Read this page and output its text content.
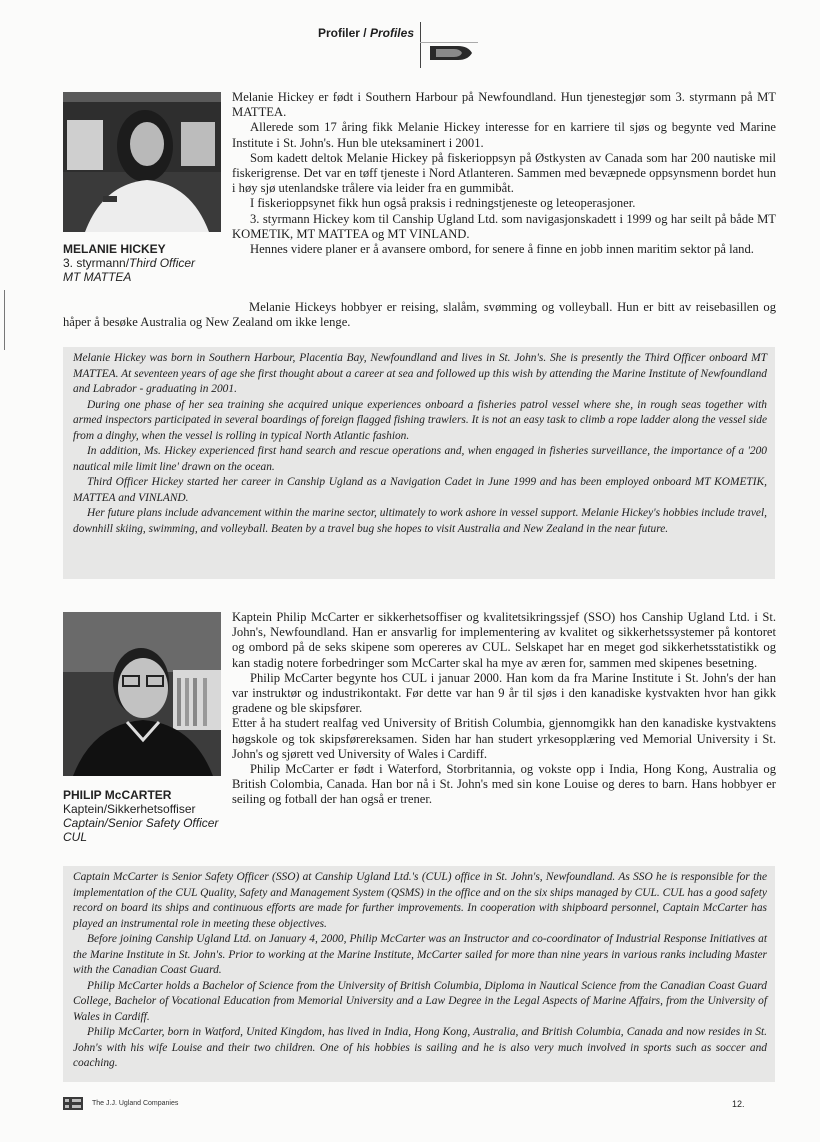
Profiler / Profiles
MELANIE HICKEY
3. styrmann/Third Officer
MT MATTEA

Melanie Hickey er født i Southern Harbour på Newfoundland. Hun tjenestegjør som 3. styrmann på MT MATTEA.

Allerede som 17 åring fikk Melanie Hickey interesse for en karriere til sjøs og begynte ved Marine Institute i St. John's. Hun ble uteksaminert i 2001.

Som kadett deltok Melanie Hickey på fiskerioppsyn på Østkysten av Canada som har 200 nautiske mil fiskerigrense. Det var en tøff tjeneste i Nord Atlanteren. Sammen med bevæpnede oppsynsmenn bordet hun i høy sjø utenlandske trålere via leider fra en gummibåt.

I fiskerioppsynet fikk hun også praksis i redningstjeneste og leteoperasjoner.

3. styrmann Hickey kom til Canship Ugland Ltd. som navigasjonskadett i 1999 og har seilt på både MT KOMETIK, MT MATTEA og MT VINLAND.

Hennes videre planer er å avansere ombord, for senere å finne en jobb innen maritim sektor på land.

Melanie Hickeys hobbyer er reising, slalåm, svømming og volleyball. Hun er bitt av reisebasillen og håper å besøke Australia og New Zealand om ikke lenge.

Melanie Hickey was born in Southern Harbour, Placentia Bay, Newfoundland and lives in St. John's. She is presently the Third Officer onboard MT MATTEA. At seventeen years of age she first thought about a career at sea and followed up this wish by attending the Marine Institute of Newfoundland and Labrador - graduating in 2001.

During one phase of her sea training she acquired unique experiences onboard a fisheries patrol vessel where she, in rough seas together with armed inspectors participated in several boardings of foreign flagged fishing trawlers. It is not an easy task to climb a rope ladder along the vessel side from a dinghy, when the vessel is rolling in typical North Atlantic fashion.

In addition, Ms. Hickey experienced first hand search and rescue operations and, when engaged in fisheries surveillance, the importance of a '200 nautical mile limit line' drawn on the ocean.

Third Officer Hickey started her career in Canship Ugland as a Navigation Cadet in June 1999 and has been employed onboard MT KOMETIK, MATTEA and VINLAND.

Her future plans include advancement within the marine sector, ultimately to work ashore in vessel support. Melanie Hickey's hobbies include travel, downhill skiing, swimming, and volleyball. Beaten by a travel bug she hopes to visit Australia and New Zealand in the near future.

PHILIP McCARTER
Kaptein/Sikkerhetsoffiser
Captain/Senior Safety Officer
CUL

Kaptein Philip McCarter er sikkerhetsoffiser og kvalitetsikringssjef (SSO) hos Canship Ugland Ltd. i St. John's, Newfoundland. Han er ansvarlig for implementering av kvalitet og sikkerhetssystemer på kontoret og ombord på de seks skipene som opereres av CUL. Selskapet har en meget god sikkerhetsstatistikk og kan stadig notere forbedringer som McCarter skal ha mye av æren for, sammen med skipenes besetning.

Philip McCarter begynte hos CUL i januar 2000. Han kom da fra Marine Institute i St. John's der han var instruktør og industrikontakt. Før dette var han 9 år til sjøs i den kanadiske kystvakten hvor han gikk gradene og ble skipsfører.

Etter å ha studert realfag ved University of British Columbia, gjennomgikk han den kanadiske kystvaktens høgskole og tok skipsførereksamen. Siden har han studert yrkesopplæring ved Memorial University i St. John's og sjørett ved University of Wales i Cardiff.

Philip McCarter er født i Waterford, Storbritannia, og vokste opp i India, Hong Kong, Australia og British Colombia, Canada. Han bor nå i St. John's med sin kone Louise og deres to barn. Hans hobbyer er seiling og fotball der han også er trener.

Captain McCarter is Senior Safety Officer (SSO) at Canship Ugland Ltd.'s (CUL) office in St. John's, Newfoundland. As SSO he is responsible for the implementation of the CUL Quality, Safety and Management System (QSMS) in the office and on the six ships managed by CUL. CUL has a good safety record on board its ships and continuous efforts are made for further improvements. In cooperation with shipboard personnel, Captain McCarter has played an instrumental role in meeting these objectives.

Before joining Canship Ugland Ltd. on January 4, 2000, Philip McCarter was an Instructor and co-coordinator of Industrial Response Initiatives at the Marine Institute in St. John's. Prior to working at the Marine Institute, McCarter sailed for more than nine years in various ranks including Master with the Canadian Coast Guard.

Philip McCarter holds a Bachelor of Science from the University of British Columbia, Diploma in Nautical Science from the Canadian Coast Guard College, Bachelor of Vocational Education from Memorial University and a Law Degree in the Legal Aspects of Marine Affairs, from the University of Wales in Cardiff.

Philip McCarter, born in Watford, United Kingdom, has lived in India, Hong Kong, Australia, and British Columbia, Canada and now resides in St. John's with his wife Louise and their two children. One of his hobbies is sailing and he is also very much involved in sports such as soccer and coaching.

The J.J. Ugland Companies	12.
